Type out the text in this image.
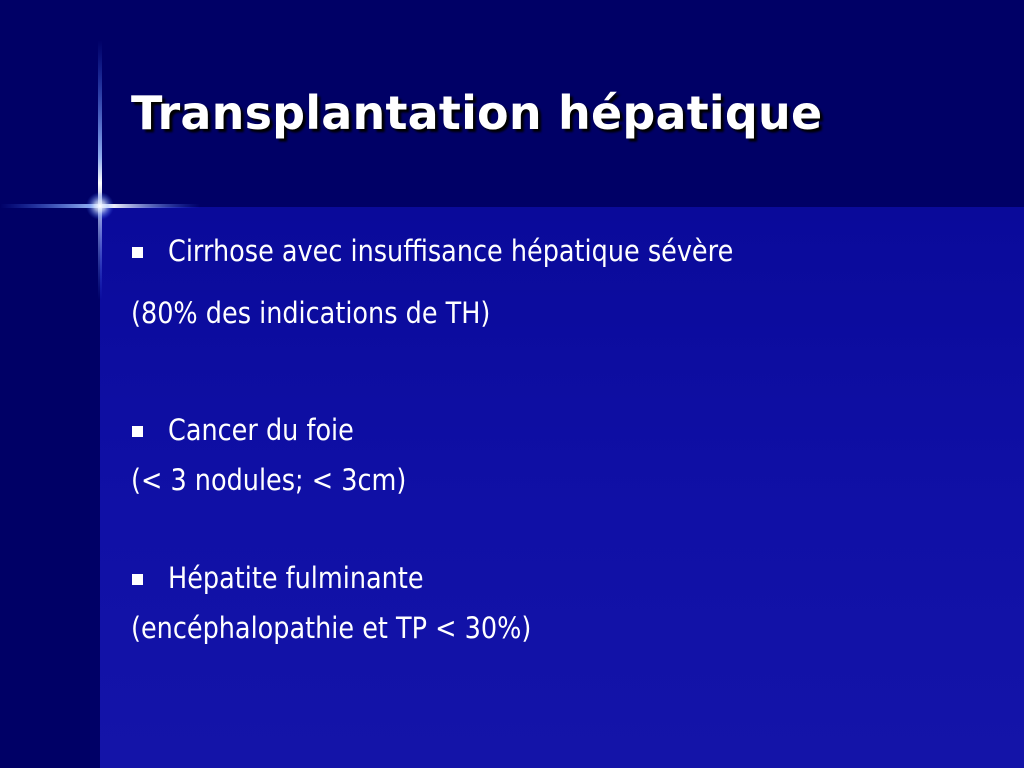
Transplantation hépatique
Cirrhose avec insuffisance hépatique sévère
(80% des indications de TH)
Cancer du foie
(< 3 nodules; < 3cm)
Hépatite fulminante
(encéphalopathie et TP < 30%)
